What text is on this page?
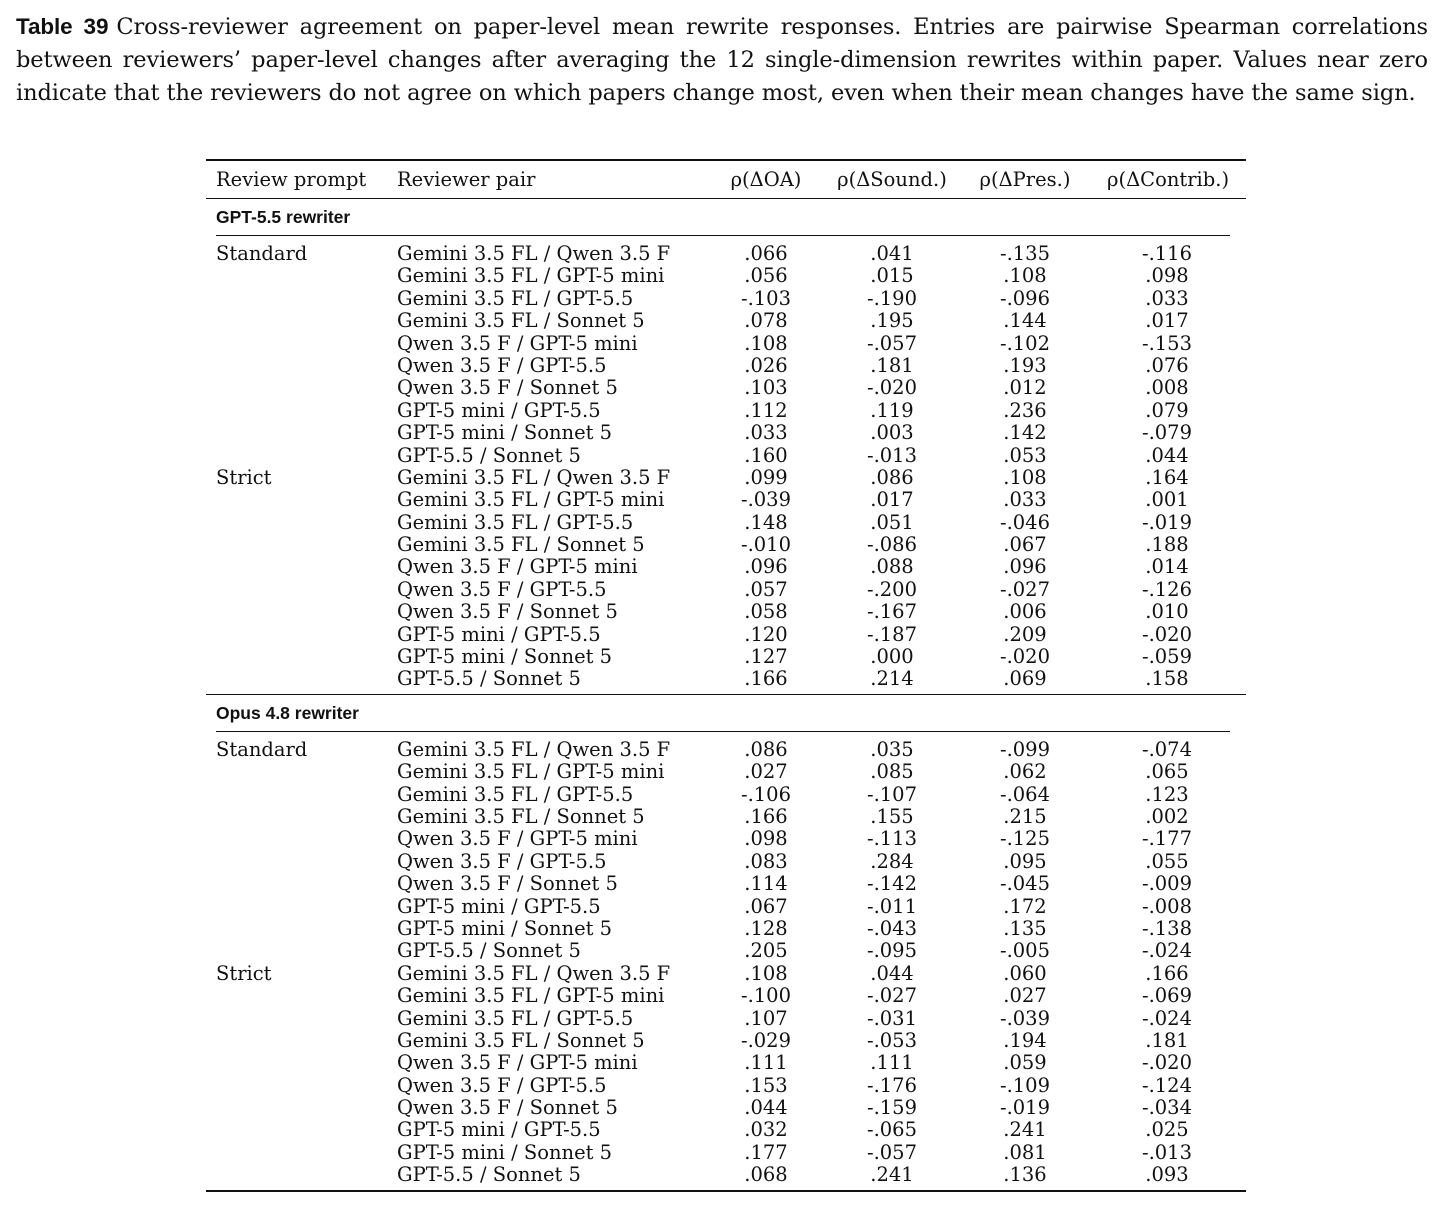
Table 39 Cross-reviewer agreement on paper-level mean rewrite responses. Entries are pairwise Spearman correlations between reviewers’ paper-level changes after averaging the 12 single-dimension rewrites within paper. Values near zero indicate that the reviewers do not agree on which papers change most, even when their mean changes have the same sign.
Review prompt Reviewer pair	ρ(ΔOA)	ρ(ΔSound.)	ρ(ΔPres.)	ρ(ΔContrib.)
GPT-5.5 rewriter
Standard	Gemini 3.5 FL / Qwen 3.5 F	.066	.041	-.135	-.116
Gemini 3.5 FL / GPT-5 mini	.056	.015	.108	.098
Gemini 3.5 FL / GPT-5.5	-.103	-.190	-.096	.033
Gemini 3.5 FL / Sonnet 5	.078	.195	.144	.017
Qwen 3.5 F / GPT-5 mini	.108	-.057	-.102	-.153
Qwen 3.5 F / GPT-5.5	.026	.181	.193	.076
Qwen 3.5 F / Sonnet 5	.103	-.020	.012	.008
GPT-5 mini / GPT-5.5	.112	.119	.236	.079
GPT-5 mini / Sonnet 5	.033	.003	.142	-.079
GPT-5.5 / Sonnet 5	.160	-.013	.053	.044
Strict	Gemini 3.5 FL / Qwen 3.5 F	.099	.086	.108	.164
Gemini 3.5 FL / GPT-5 mini	-.039	.017	.033	.001
Gemini 3.5 FL / GPT-5.5	.148	.051	-.046	-.019
Gemini 3.5 FL / Sonnet 5	-.010	-.086	.067	.188
Qwen 3.5 F / GPT-5 mini	.096	.088	.096	.014
Qwen 3.5 F / GPT-5.5	.057	-.200	-.027	-.126
Qwen 3.5 F / Sonnet 5	.058	-.167	.006	.010
GPT-5 mini / GPT-5.5	.120	-.187	.209	-.020
GPT-5 mini / Sonnet 5	.127	.000	-.020	-.059
GPT-5.5 / Sonnet 5	.166	.214	.069	.158
Opus 4.8 rewriter
Standard	Gemini 3.5 FL / Qwen 3.5 F	.086	.035	-.099	-.074
Gemini 3.5 FL / GPT-5 mini	.027	.085	.062	.065
Gemini 3.5 FL / GPT-5.5	-.106	-.107	-.064	.123
Gemini 3.5 FL / Sonnet 5	.166	.155	.215	.002
Qwen 3.5 F / GPT-5 mini	.098	-.113	-.125	-.177
Qwen 3.5 F / GPT-5.5	.083	.284	.095	.055
Qwen 3.5 F / Sonnet 5	.114	-.142	-.045	-.009
GPT-5 mini / GPT-5.5	.067	-.011	.172	-.008
GPT-5 mini / Sonnet 5	.128	-.043	.135	-.138
GPT-5.5 / Sonnet 5	.205	-.095	-.005	-.024
Strict	Gemini 3.5 FL / Qwen 3.5 F	.108	.044	.060	.166
Gemini 3.5 FL / GPT-5 mini	-.100	-.027	.027	-.069
Gemini 3.5 FL / GPT-5.5	.107	-.031	-.039	-.024
Gemini 3.5 FL / Sonnet 5	-.029	-.053	.194	.181
Qwen 3.5 F / GPT-5 mini	.111	.111	.059	-.020
Qwen 3.5 F / GPT-5.5	.153	-.176	-.109	-.124
Qwen 3.5 F / Sonnet 5	.044	-.159	-.019	-.034
GPT-5 mini / GPT-5.5	.032	-.065	.241	.025
GPT-5 mini / Sonnet 5	.177	-.057	.081	-.013
GPT-5.5 / Sonnet 5	.068	.241	.136	.093
